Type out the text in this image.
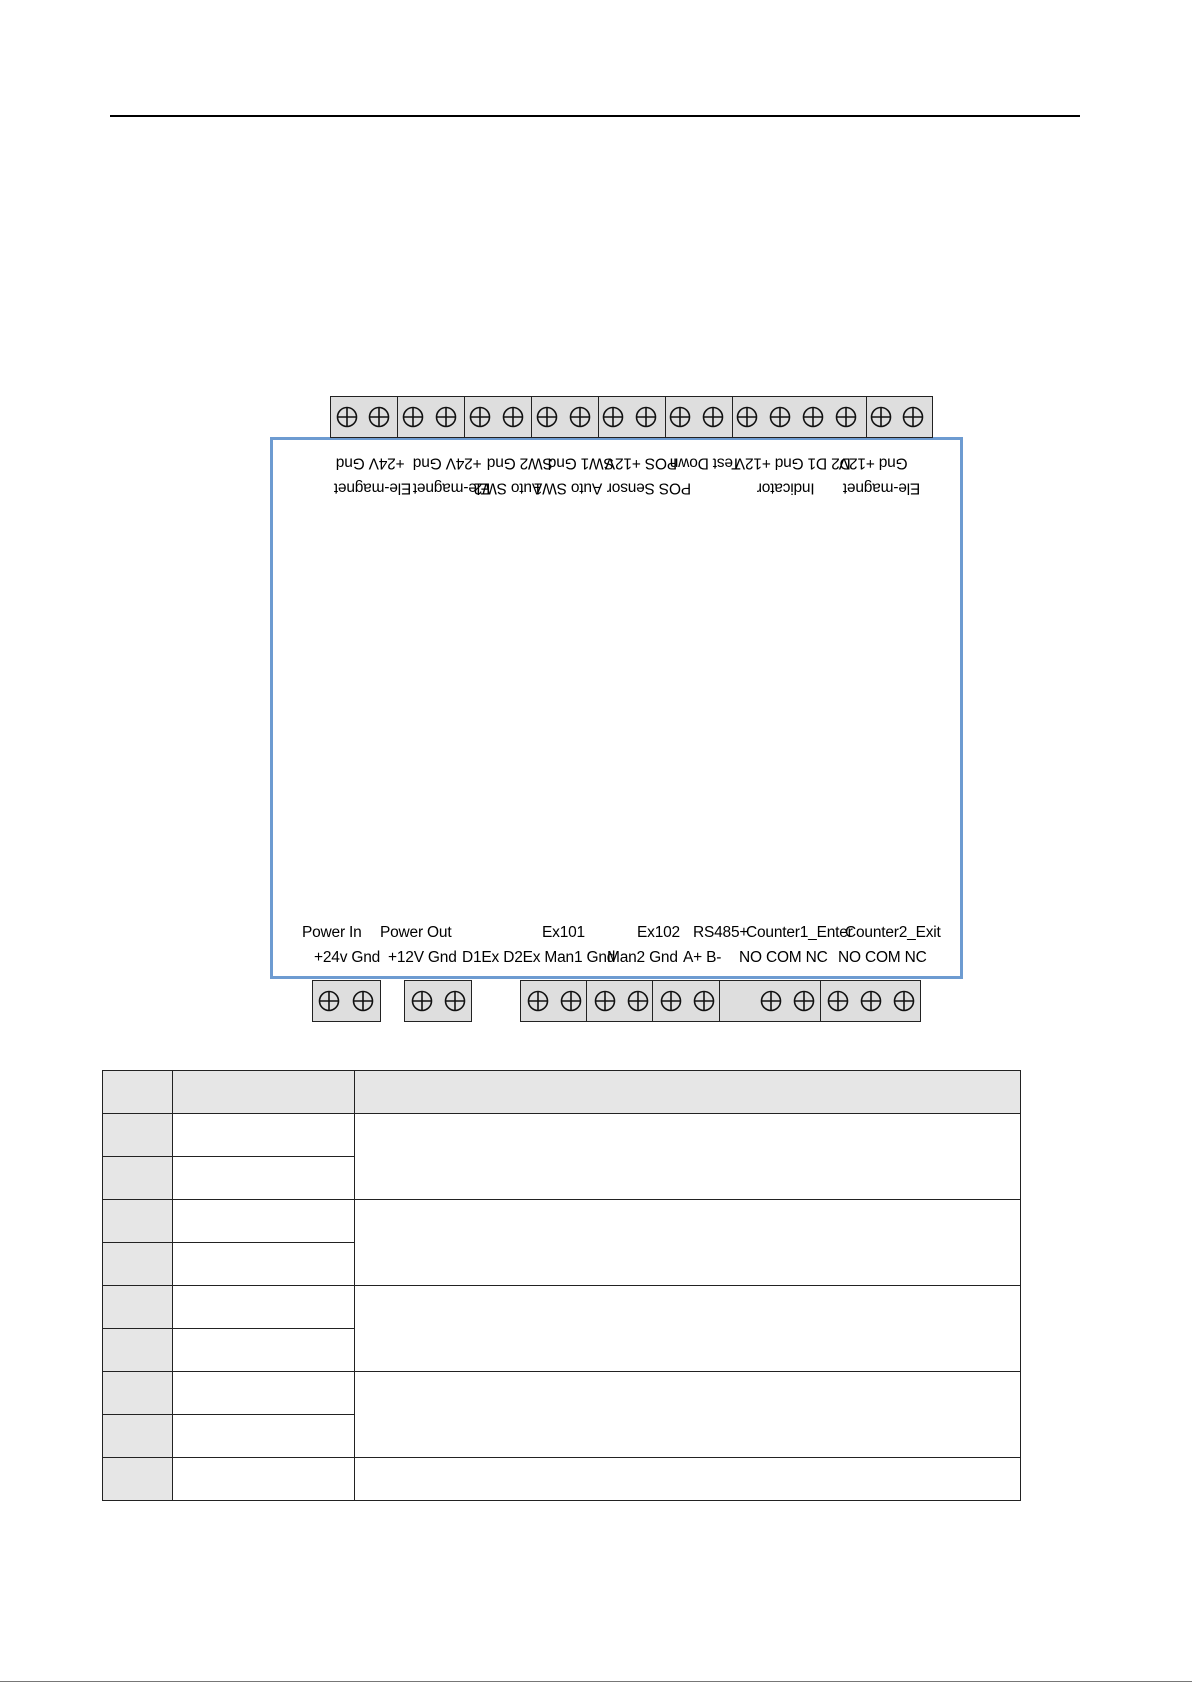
+24V Gnd
Ele-magnet
+24V Gnd
Ele-magnet
SW2 Gnd
Auto SW2
SW1 Gnd
Auto SW1
POS +12V
POS Sensor
Test Down
D2 D1 Gnd +12V
Indicator
Gnd +12V
Ele-magnet
Power In Power Out	Ex101	Ex102 RS485+
Counter1_Enter
Counter2_Exit
+24v Gnd +12V Gnd D1Ex D2Ex Man1 Gnd
Man2 Gnd A+ B- NO COM NC NO COM NC
